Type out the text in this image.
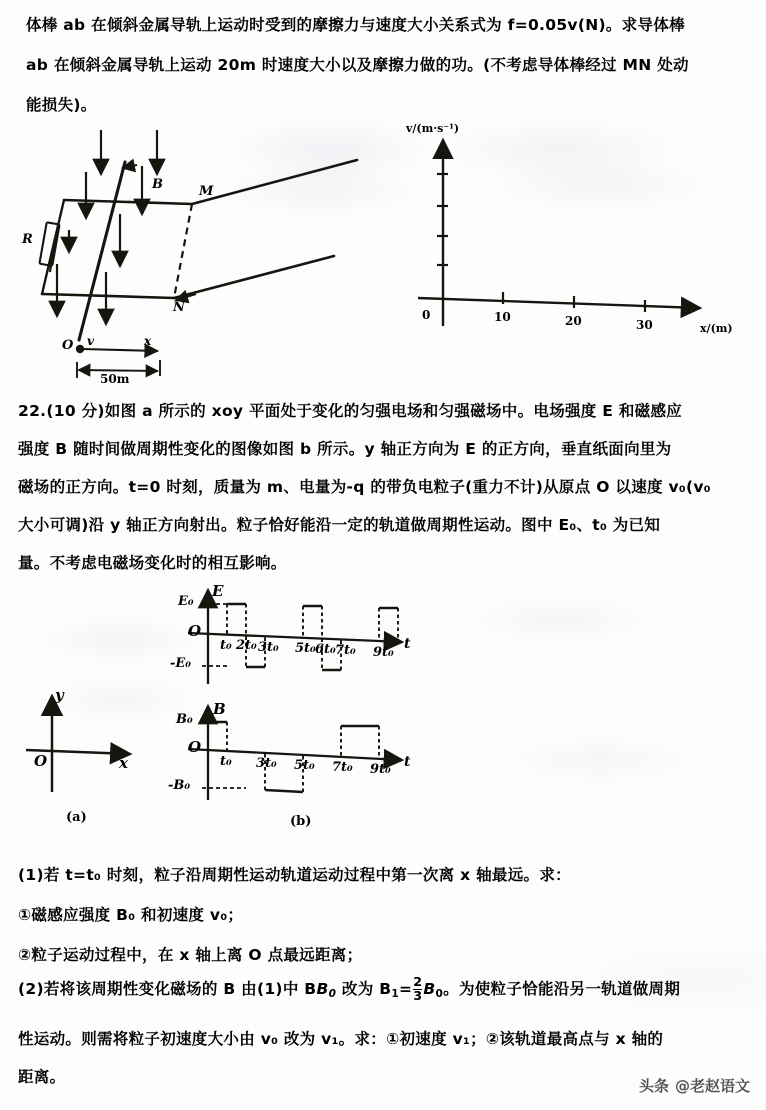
体棒 ab 在倾斜金属导轨上运动时受到的摩擦力与速度大小关系式为 f=0.05v(N)。求导体棒
ab 在倾斜金属导轨上运动 20m 时速度大小以及摩擦力做的功。(不考虑导体棒经过 MN 处动
能损失)。
R
B	M
N
O v	x
50m
v/(m·s⁻¹)
0	10	20	30	x/(m)
22.(10 分)如图 a 所示的 xoy 平面处于变化的匀强电场和匀强磁场中。电场强度 E 和磁感应
强度 B 随时间做周期性变化的图像如图 b 所示。y 轴正方向为 E 的正方向，垂直纸面向里为
磁场的正方向。t=0 时刻，质量为 m、电量为-q 的带负电粒子(重力不计)从原点 O 以速度 v₀(v₀
大小可调)沿 y 轴正方向射出。粒子恰好能沿一定的轨道做周期性运动。图中 E₀、t₀ 为已知
量。不考虑电磁场变化时的相互影响。
y
x
O
(a)
E
t
O
E₀
-E₀
t₀ 2t₀ 3t₀ 5t₀ 6t₀ 7t₀ 9t₀
B
t
O
B₀
-B₀
t₀ 3t₀ 5t₀ 7t₀ 9t₀
(b)
(1)若 t=t₀ 时刻，粒子沿周期性运动轨道运动过程中第一次离 x 轴最远。求：
①磁感应强度 B₀ 和初速度 v₀；
②粒子运动过程中，在 x 轴上离 O 点最远距离；
(2)若将该周期性变化磁场的 B 由(1)中 $BB_0$ 改为 $B_1= \frac{2}{3} B_0$。为使粒子恰能沿另一轨道做周期
性运动。则需将粒子初速度大小由 v₀ 改为 v₁。求：①初速度 v₁；②该轨道最高点与 x 轴的
距离。	头条 @老赵语文
